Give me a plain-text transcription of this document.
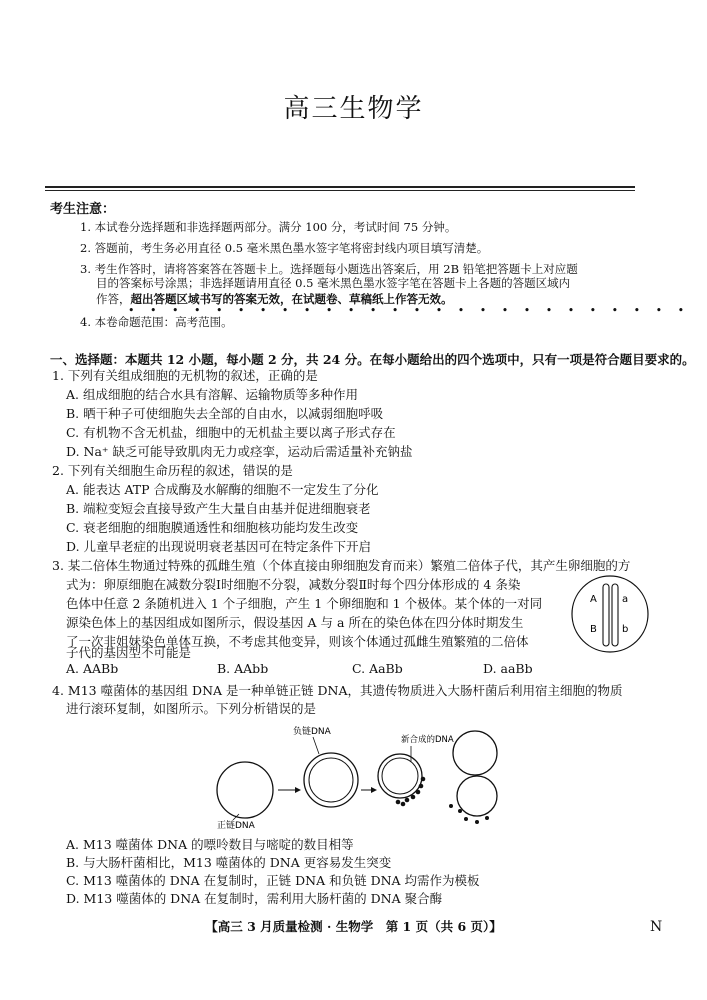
高三生物学
考生注意：
1. 本试卷分选择题和非选择题两部分。满分 100 分，考试时间 75 分钟。
2. 答题前，考生务必用直径 0.5 毫米黑色墨水签字笔将密封线内项目填写清楚。
3. 考生作答时，请将答案答在答题卡上。选择题每小题选出答案后，用 2B 铅笔把答题卡上对应题
目的答案标号涂黑；非选择题请用直径 0.5 毫米黑色墨水签字笔在答题卡上各题的答题区域内
作答，超出答题区域书写的答案无效，在试题卷、草稿纸上作答无效。
• • • • • • • • • • • • • • • • • • • • • • • • • •
4. 本卷命题范围：高考范围。
一、选择题：本题共 12 小题，每小题 2 分，共 24 分。在每小题给出的四个选项中，只有一项是符合题目要求的。
1. 下列有关组成细胞的无机物的叙述，正确的是
A. 组成细胞的结合水具有溶解、运输物质等多种作用
B. 晒干种子可使细胞失去全部的自由水，以减弱细胞呼吸
C. 有机物不含无机盐，细胞中的无机盐主要以离子形式存在
D. Na⁺ 缺乏可能导致肌肉无力或痉挛，运动后需适量补充钠盐
2. 下列有关细胞生命历程的叙述，错误的是
A. 能表达 ATP 合成酶及水解酶的细胞不一定发生了分化
B. 端粒变短会直接导致产生大量自由基并促进细胞衰老
C. 衰老细胞的细胞膜通透性和细胞核功能均发生改变
D. 儿童早老症的出现说明衰老基因可在特定条件下开启
3. 某二倍体生物通过特殊的孤雌生殖（个体直接由卵细胞发育而来）繁殖二倍体子代，其产生卵细胞的方
式为：卵原细胞在减数分裂Ⅰ时细胞不分裂，减数分裂Ⅱ时每个四分体形成的 4 条染
色体中任意 2 条随机进入 1 个子细胞，产生 1 个卵细胞和 1 个极体。某个体的一对同
源染色体上的基因组成如图所示，假设基因 A 与 a 所在的染色体在四分体时期发生
了一次非姐妹染色单体互换，不考虑其他变异，则该个体通过孤雌生殖繁殖的二倍体
子代的基因型不可能是
A. AABb	B. AAbb	C. AaBb	D. aaBb
A	a
B	b
4. M13 噬菌体的基因组 DNA 是一种单链正链 DNA，其遗传物质进入大肠杆菌后利用宿主细胞的物质
进行滚环复制，如图所示。下列分析错误的是
正链DNA
负链DNA
新合成的DNA
A. M13 噬菌体 DNA 的嘌呤数目与嘧啶的数目相等
B. 与大肠杆菌相比，M13 噬菌体的 DNA 更容易发生突变
C. M13 噬菌体的 DNA 在复制时，正链 DNA 和负链 DNA 均需作为模板
D. M13 噬菌体的 DNA 在复制时，需利用大肠杆菌的 DNA 聚合酶
【高三 3 月质量检测 · 生物学　第 1 页（共 6 页）】	N
